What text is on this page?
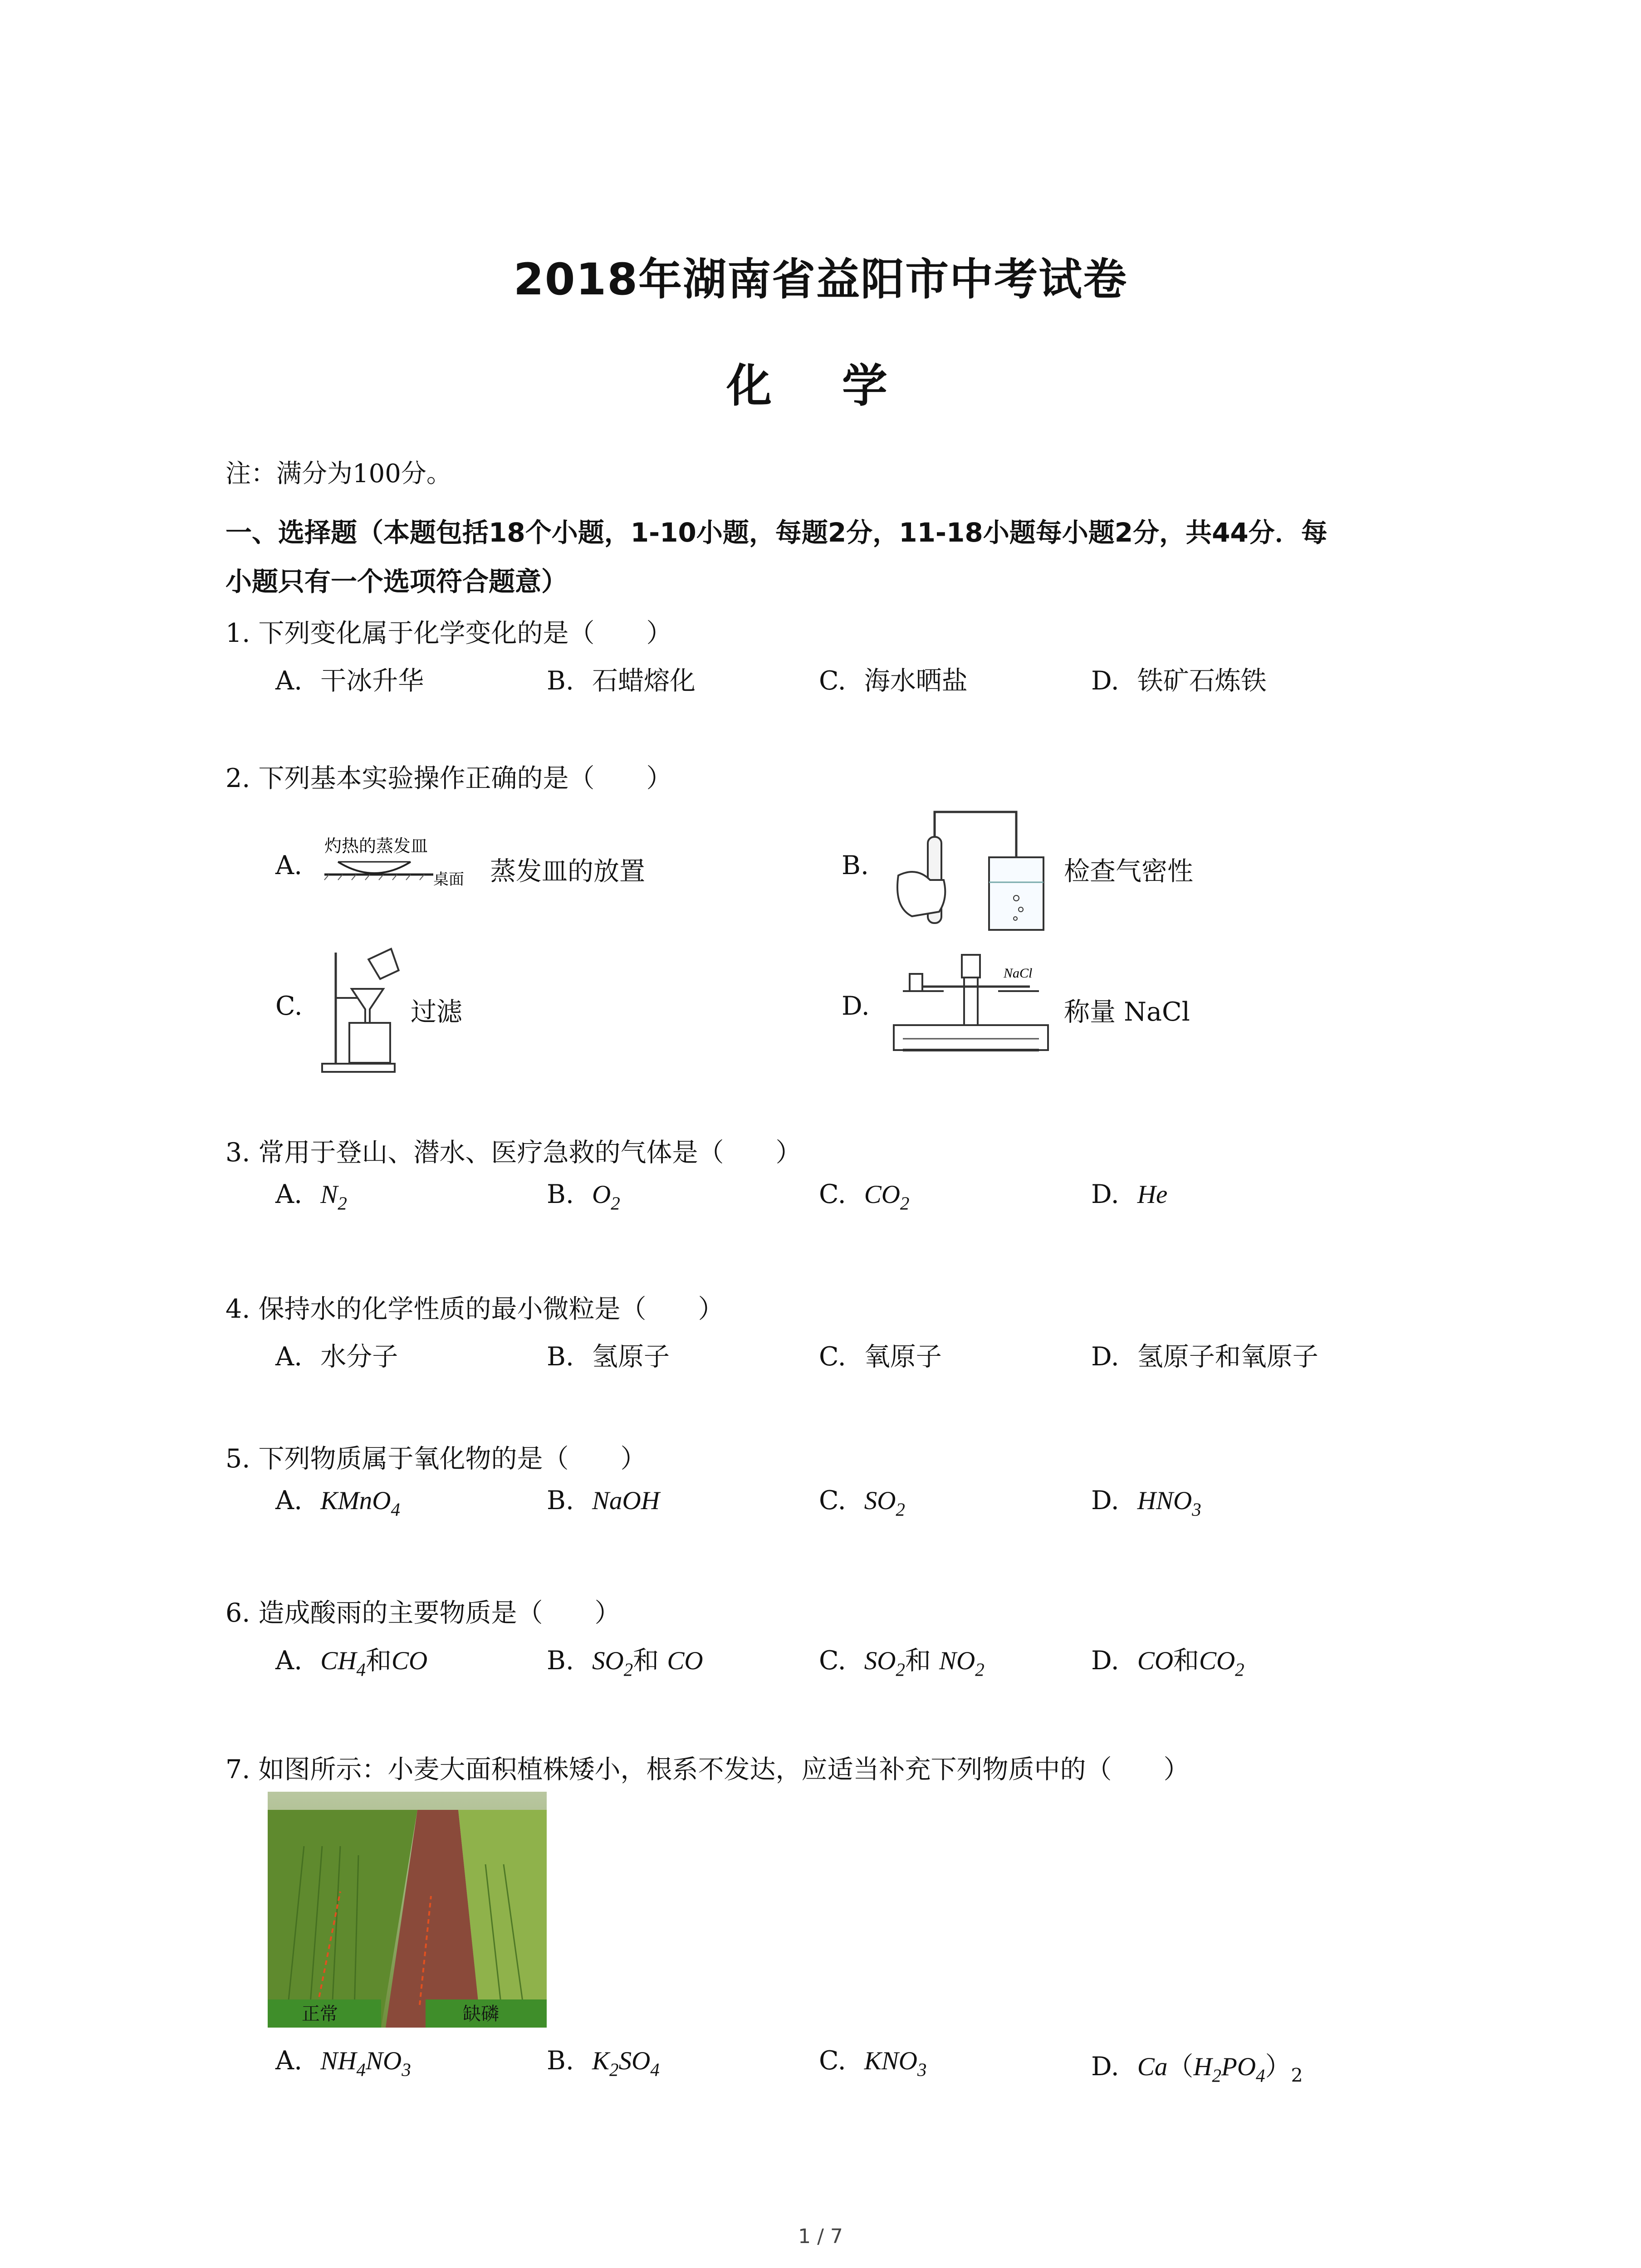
2018年湖南省益阳市中考试卷
化 学
注：满分为100分。
一、选择题（本题包括18个小题，1-10小题，每题2分，11-18小题每小题2分，共44分．每
小题只有一个选项符合题意）
1. 下列变化属于化学变化的是（　　）
A. 干冰升华	B. 石蜡熔化	C. 海水晒盐	D. 铁矿石炼铁
2. 下列基本实验操作正确的是（　　）
A.
灼热的蒸发皿
桌面 蒸发皿的放置	B.	检查气密性
C.	过滤	D.
NaCl
称量 NaCl
3. 常用于登山、潜水、医疗急救的气体是（　　）
A. $N_2$	B. $O_2$	C. $CO_2$	D. He
4. 保持水的化学性质的最小微粒是（　　）
A. 水分子	B. 氢原子	C. 氧原子	D. 氢原子和氧原子
5. 下列物质属于氧化物的是（　　）
A. KMnO$_4$	B. NaOH	C. $SO_2$	D. $HNO_3$
6. 造成酸雨的主要物质是（　　）
A. $CH_4$和CO	B. $SO_2$和 CO	C. $SO_2$和 $NO_2$	D. CO和$CO_2$
7. 如图所示：小麦大面积植株矮小，根系不发达，应适当补充下列物质中的（　　）
正常	缺磷
A. $NH_4NO_3$	B. $K_2SO_4$	C. $KNO_3$	D. $Ca(H_2PO_4)_2$
1 / 7
